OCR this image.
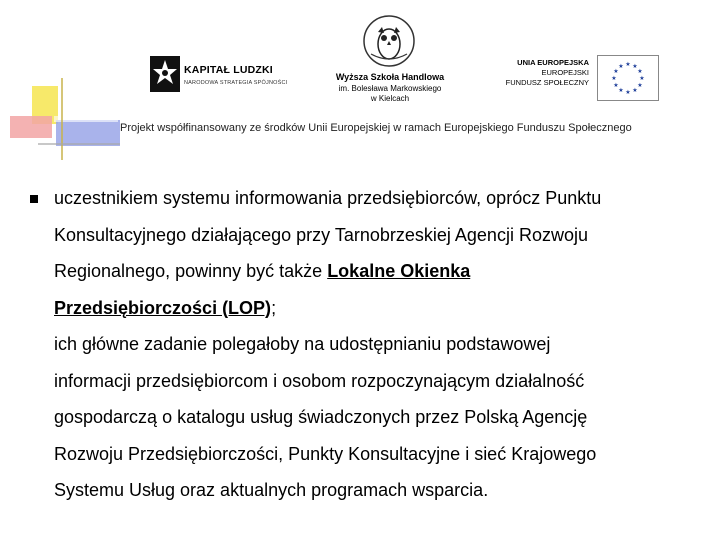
KAPITAŁ LUDZKI
NARODOWA STRATEGIA SPÓJNOŚCI
Wyższa Szkoła Handlowa
im. Bolesława Markowskiego
w Kielcach
UNIA EUROPEJSKA
EUROPEJSKI
FUNDUSZ SPOŁECZNY
★ ★
★
★
★
★
★
★
★
★
★
★
Projekt współfinansowany ze środków Unii Europejskiej w ramach Europejskiego Funduszu Społecznego
uczestnikiem systemu informowania przedsiębiorców, oprócz Punktu
Konsultacyjnego działającego przy Tarnobrzeskiej Agencji Rozwoju
Regionalnego, powinny być także Lokalne Okienka
Przedsiębiorczości (LOP);
ich główne zadanie polegałoby na udostępnianiu podstawowej
informacji przedsiębiorcom i osobom rozpoczynającym działalność
gospodarczą o katalogu usług świadczonych przez Polską Agencję
Rozwoju Przedsiębiorczości, Punkty Konsultacyjne i sieć Krajowego
Systemu Usług oraz aktualnych programach wsparcia.
